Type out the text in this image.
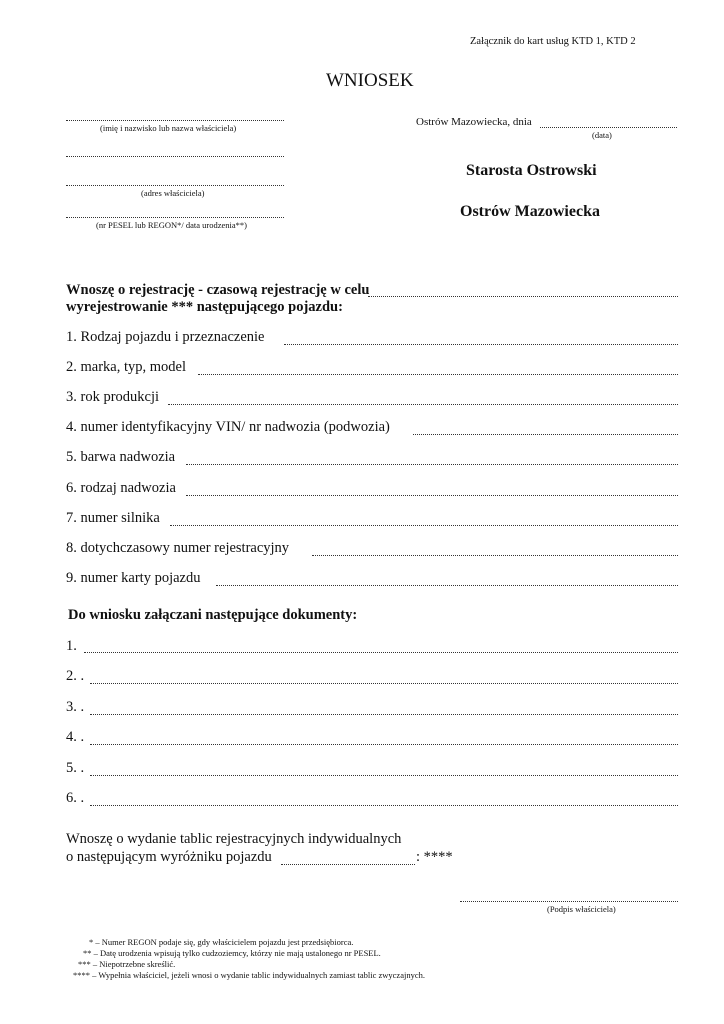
Załącznik do kart usług KTD 1, KTD 2
WNIOSEK
(imię i nazwisko lub nazwa właściciela)
(adres właściciela)
(nr PESEL lub REGON*/ data urodzenia**)
Ostrów Mazowiecka, dnia
(data)
Starosta Ostrowski
Ostrów Mazowiecka
Wnoszę o rejestrację - czasową rejestrację w celu
wyrejestrowanie *** następującego pojazdu:
1. Rodzaj pojazdu i przeznaczenie
2. marka, typ, model
3. rok produkcji
4. numer identyfikacyjny VIN/ nr nadwozia (podwozia)
5. barwa nadwozia
6. rodzaj nadwozia
7. numer silnika
8. dotychczasowy numer rejestracyjny
9. numer karty pojazdu
Do wniosku załączani następujące dokumenty:
1.
2. .
3. .
4. .
5. .
6. .
Wnoszę o wydanie tablic rejestracyjnych indywidualnych
o następującym wyróżniku pojazdu	: ****
(Podpis właściciela)
* – Numer REGON podaje się, gdy właścicielem pojazdu jest przedsiębiorca.
** – Datę urodzenia wpisują tylko cudzoziemcy, którzy nie mają ustalonego nr PESEL.
*** – Niepotrzebne skreślić.
**** – Wypełnia właściciel, jeżeli wnosi o wydanie tablic indywidualnych zamiast tablic zwyczajnych.
